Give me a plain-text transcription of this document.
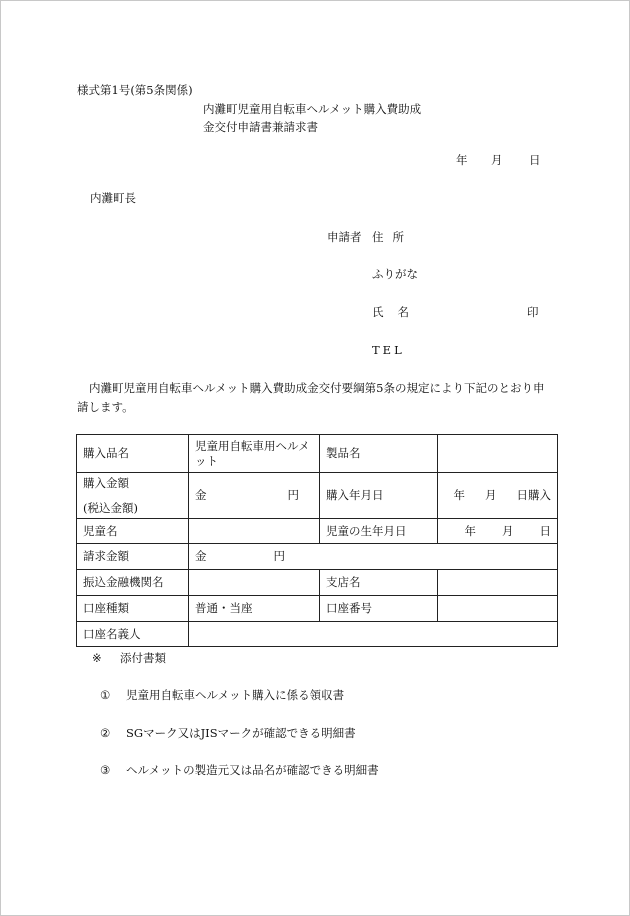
様式第1号(第5条関係)
内灘町児童用自転車ヘルメット購入費助成
金交付申請書兼請求書
年 月 日
内灘町長
申請者 住所
ふりがな
氏名	印
TEL
内灘町児童用自転車ヘルメット購入費助成金交付要綱第5条の規定により下記のとおり申請します。
購入品名	児童用自転車用ヘルメット	製品名	

購入金額
(税込金額)	金 円	購入年月日	年 月 日購入

児童名		児童の生年月日	年 月 日

請求金額	金 円		

振込金融機関名		支店名	
口座種類	普通・当座	口座番号	
口座名義人			
※ 添付書類
① 児童用自転車ヘルメット購入に係る領収書
② SGマーク又はJISマークが確認できる明細書
③ ヘルメットの製造元又は品名が確認できる明細書
